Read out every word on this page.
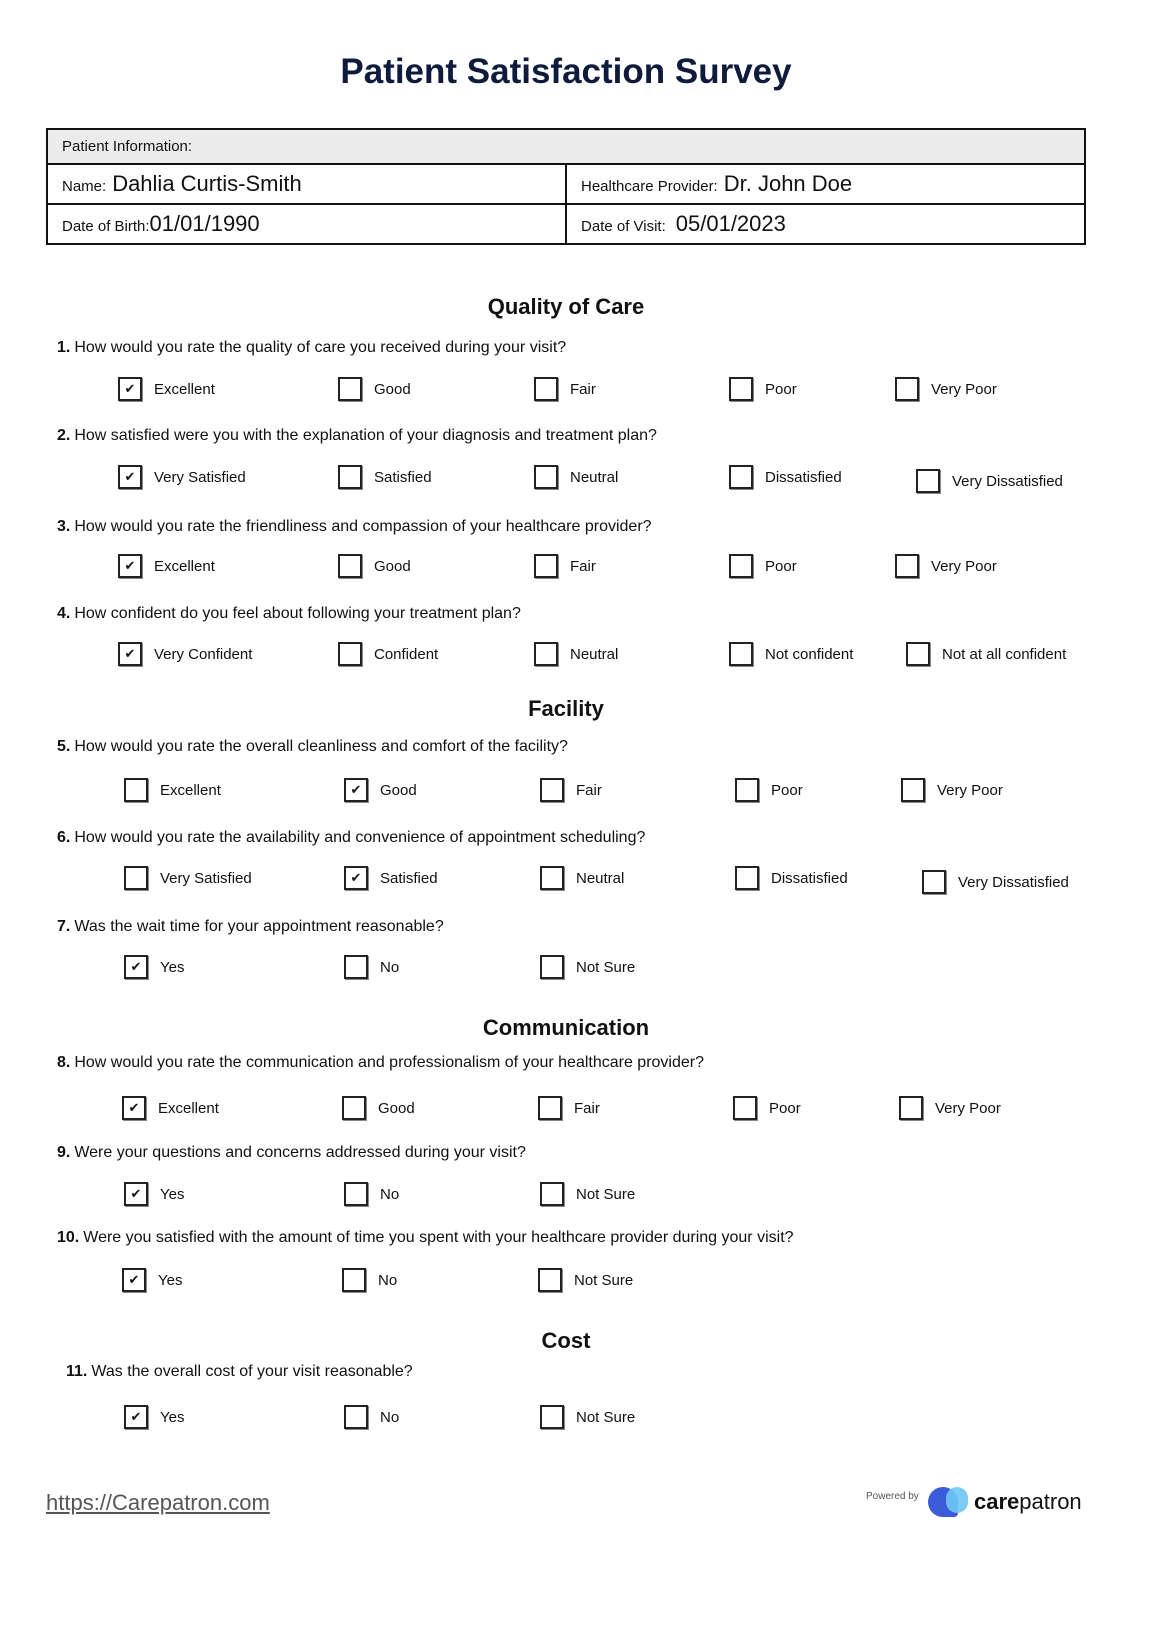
Patient Satisfaction Survey
Patient Information:	
Name: Dahlia Curtis-Smith	Healthcare Provider: Dr. John Doe
Date of Birth:01/01/1990	Date of Visit: 05/01/2023
Quality of Care
Facility
Communication
Cost
1. How would you rate the quality of care you received during your visit?
✔ Excellent	Good	Fair	Poor	Very Poor
2. How satisfied were you with the explanation of your diagnosis and treatment plan?
✔ Very Satisfied	Satisfied	Neutral	Dissatisfied	Very Dissatisfied
3. How would you rate the friendliness and compassion of your healthcare provider?
✔ Excellent	Good	Fair	Poor	Very Poor
4. How confident do you feel about following your treatment plan?
✔ Very Confident	Confident	Neutral	Not confident	Not at all confident
5. How would you rate the overall cleanliness and comfort of the facility?
Excellent	✔ Good	Fair	Poor	Very Poor
6. How would you rate the availability and convenience of appointment scheduling?
Very Satisfied	✔ Satisfied	Neutral	Dissatisfied	Very Dissatisfied
7. Was the wait time for your appointment reasonable?
✔ Yes	No	Not Sure
8. How would you rate the communication and professionalism of your healthcare provider?
✔ Excellent	Good	Fair	Poor	Very Poor
9. Were your questions and concerns addressed during your visit?
✔ Yes	No	Not Sure
10. Were you satisfied with the amount of time you spent with your healthcare provider during your visit?
✔ Yes	No	Not Sure
11. Was the overall cost of your visit reasonable?
✔ Yes	No	Not Sure
https://Carepatron.com	Powered by	carepatron
